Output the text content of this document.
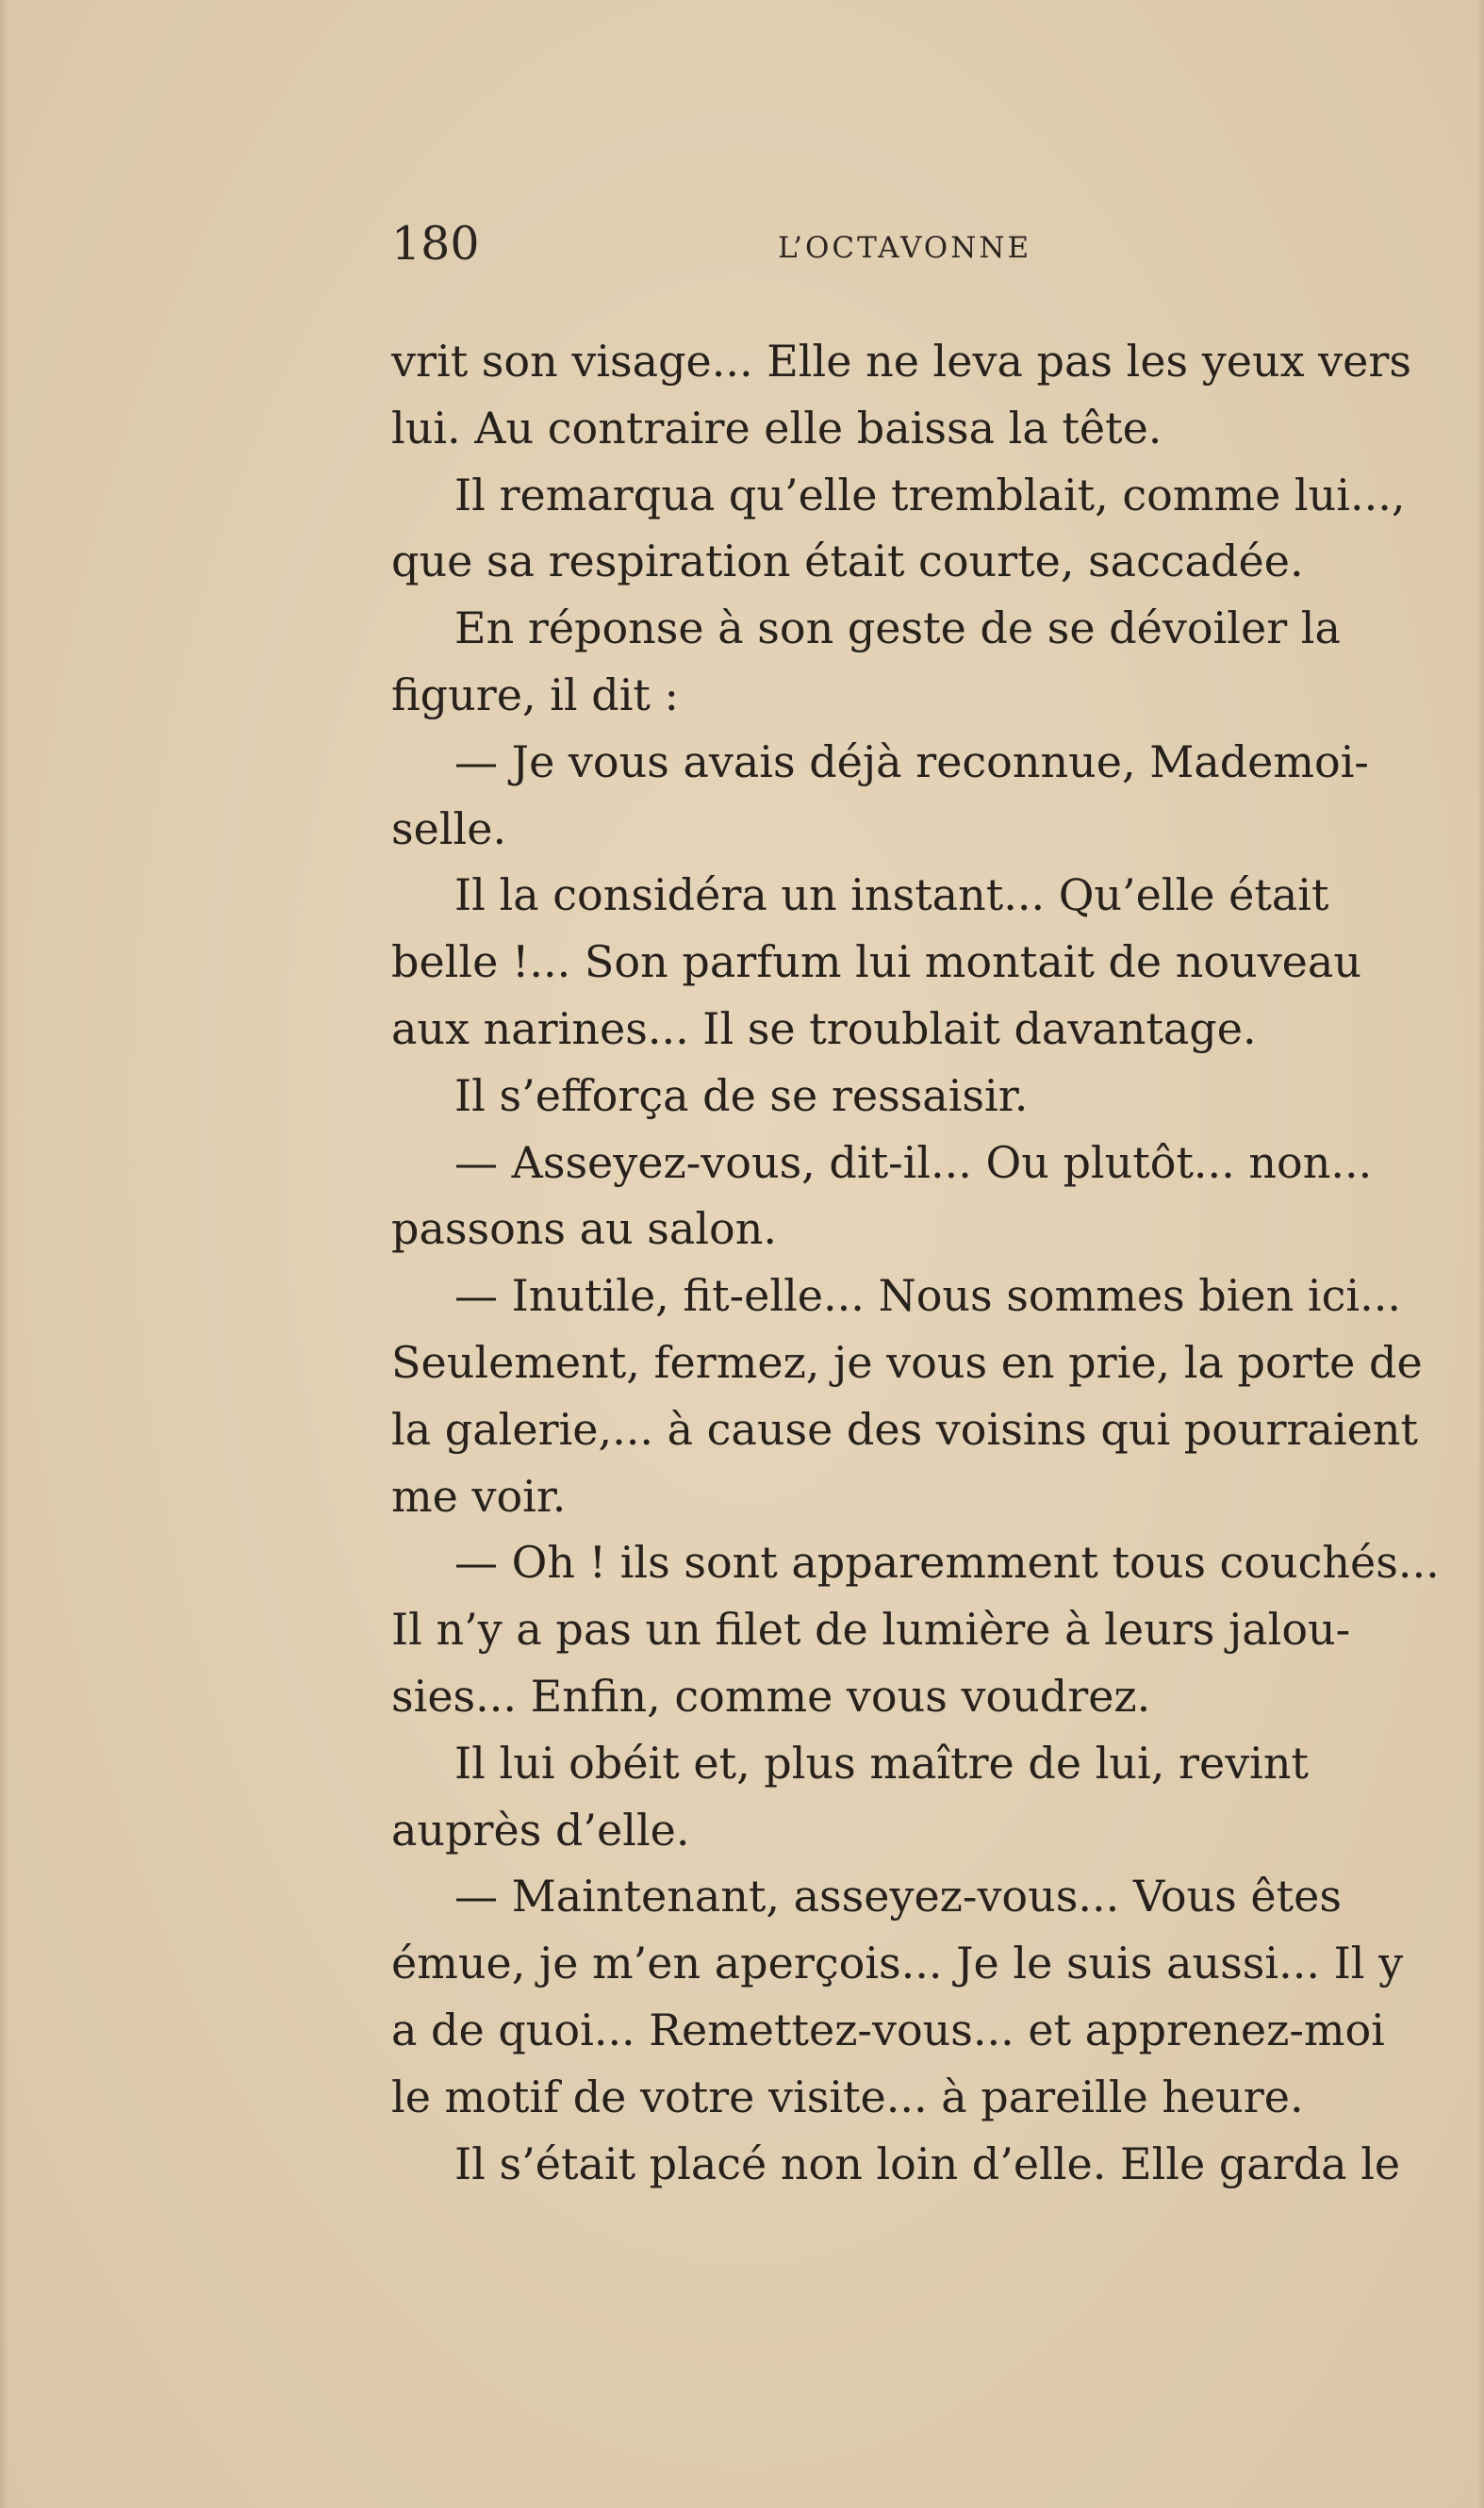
180	L’OCTAVONNE
vrit son visage... Elle ne leva pas les yeux vers
lui. Au contraire elle baissa la tête.
Il remarqua qu’elle tremblait, comme lui...,
que sa respiration était courte, saccadée.
En réponse à son geste de se dévoiler la
figure, il dit :
— Je vous avais déjà reconnue, Mademoi-
selle.
Il la considéra un instant... Qu’elle était
belle !... Son parfum lui montait de nouveau
aux narines... Il se troublait davantage.
Il s’efforça de se ressaisir.
— Asseyez-vous, dit-il... Ou plutôt... non...
passons au salon.
— Inutile, fit-elle... Nous sommes bien ici...
Seulement, fermez, je vous en prie, la porte de
la galerie,... à cause des voisins qui pourraient
me voir.
— Oh ! ils sont apparemment tous couchés...
Il n’y a pas un filet de lumière à leurs jalou-
sies... Enfin, comme vous voudrez.
Il lui obéit et, plus maître de lui, revint
auprès d’elle.
— Maintenant, asseyez-vous... Vous êtes
émue, je m’en aperçois... Je le suis aussi... Il y
a de quoi... Remettez-vous... et apprenez-moi
le motif de votre visite... à pareille heure.
Il s’était placé non loin d’elle. Elle garda le
